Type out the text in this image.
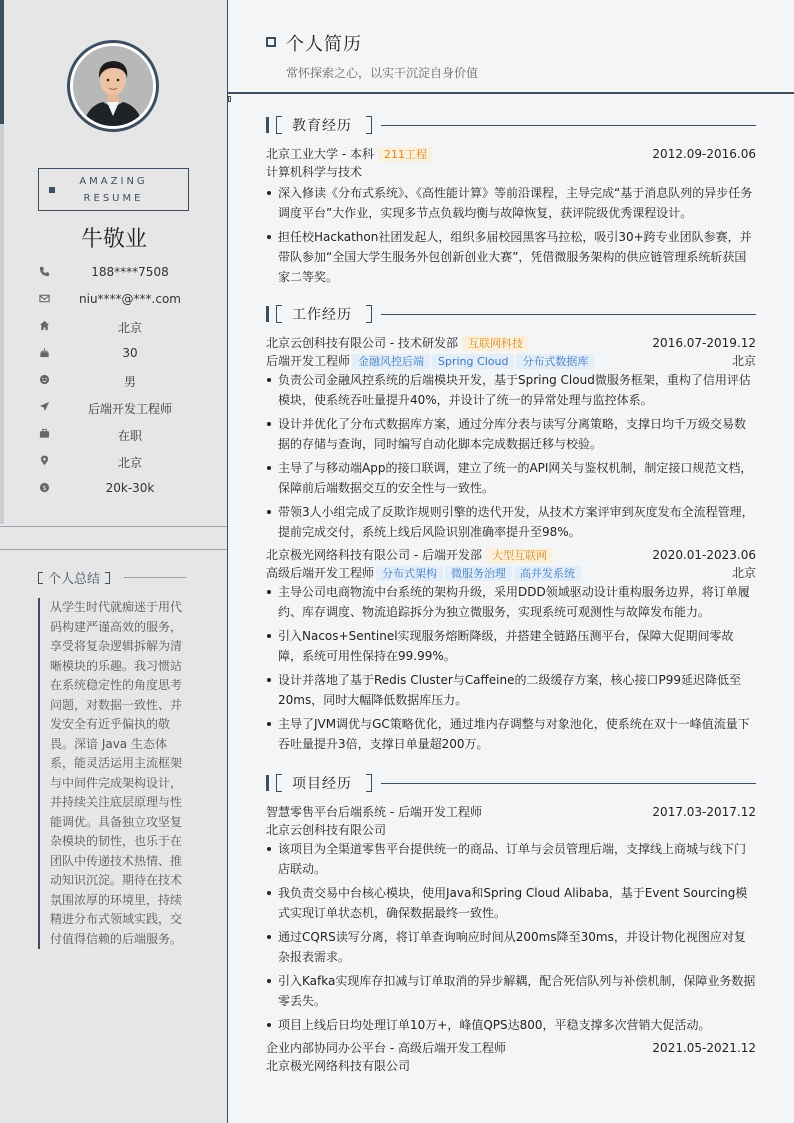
AMAZING
RESUME
牛敬业
188****7508
niu****@***.com
北京
30
男
后端开发工程师
在职
北京
$	20k-30k
个人总结
从学生时代就痴迷于用代码构建严谨高效的服务，享受将复杂逻辑拆解为清晰模块的乐趣。我习惯站在系统稳定性的角度思考问题，对数据一致性、并发安全有近乎偏执的敬畏。深谙 Java 生态体系，能灵活运用主流框架与中间件完成架构设计，并持续关注底层原理与性能调优。具备独立攻坚复杂模块的韧性，也乐于在团队中传递技术热情、推动知识沉淀。期待在技术氛围浓厚的环境里，持续精进分布式领域实践，交付值得信赖的后端服务。
个人简历
常怀探索之心，以实干沉淀自身价值
教育经历
北京工业大学 - 本科 211工程	2012.09-2016.06
计算机科学与技术
深入修读《分布式系统》、《高性能计算》等前沿课程，主导完成“基于消息队列的异步任务调度平台”大作业，实现多节点负载均衡与故障恢复，获评院级优秀课程设计。
担任校Hackathon社团发起人，组织多届校园黑客马拉松，吸引30+跨专业团队参赛，并带队参加“全国大学生服务外包创新创业大赛”，凭借微服务架构的供应链管理系统斩获国家二等奖。
工作经历
北京云创科技有限公司 - 技术研发部 互联网科技	2016.07-2019.12
后端开发工程师 金融风控后端 Spring Cloud 分布式数据库	北京
负责公司金融风控系统的后端模块开发，基于Spring Cloud微服务框架，重构了信用评估模块，使系统吞吐量提升40%，并设计了统一的异常处理与监控体系。
设计并优化了分布式数据库方案，通过分库分表与读写分离策略，支撑日均千万级交易数据的存储与查询，同时编写自动化脚本完成数据迁移与校验。
主导了与移动端App的接口联调，建立了统一的API网关与鉴权机制，制定接口规范文档，保障前后端数据交互的安全性与一致性。
带领3人小组完成了反欺诈规则引擎的迭代开发，从技术方案评审到灰度发布全流程管理，提前完成交付，系统上线后风险识别准确率提升至98%。
北京极光网络科技有限公司 - 后端开发部 大型互联网	2020.01-2023.06
高级后端开发工程师 分布式架构 微服务治理 高并发系统	北京
主导公司电商物流中台系统的架构升级，采用DDD领域驱动设计重构服务边界，将订单履约、库存调度、物流追踪拆分为独立微服务，实现系统可观测性与故障发布能力。
引入Nacos+Sentinel实现服务熔断降级，并搭建全链路压测平台，保障大促期间零故障，系统可用性保持在99.99%。
设计并落地了基于Redis Cluster与Caffeine的二级缓存方案，核心接口P99延迟降低至20ms，同时大幅降低数据库压力。
主导了JVM调优与GC策略优化，通过堆内存调整与对象池化，使系统在双十一峰值流量下吞吐量提升3倍，支撑日单量超200万。
项目经历
智慧零售平台后端系统 - 后端开发工程师	2017.03-2017.12
北京云创科技有限公司
该项目为全渠道零售平台提供统一的商品、订单与会员管理后端，支撑线上商城与线下门店联动。
我负责交易中台核心模块，使用Java和Spring Cloud Alibaba，基于Event Sourcing模式实现订单状态机，确保数据最终一致性。
通过CQRS读写分离，将订单查询响应时间从200ms降至30ms，并设计物化视图应对复杂报表需求。
引入Kafka实现库存扣减与订单取消的异步解耦，配合死信队列与补偿机制，保障业务数据零丢失。
项目上线后日均处理订单10万+，峰值QPS达800，平稳支撑多次营销大促活动。
企业内部协同办公平台 - 高级后端开发工程师	2021.05-2021.12
北京极光网络科技有限公司
